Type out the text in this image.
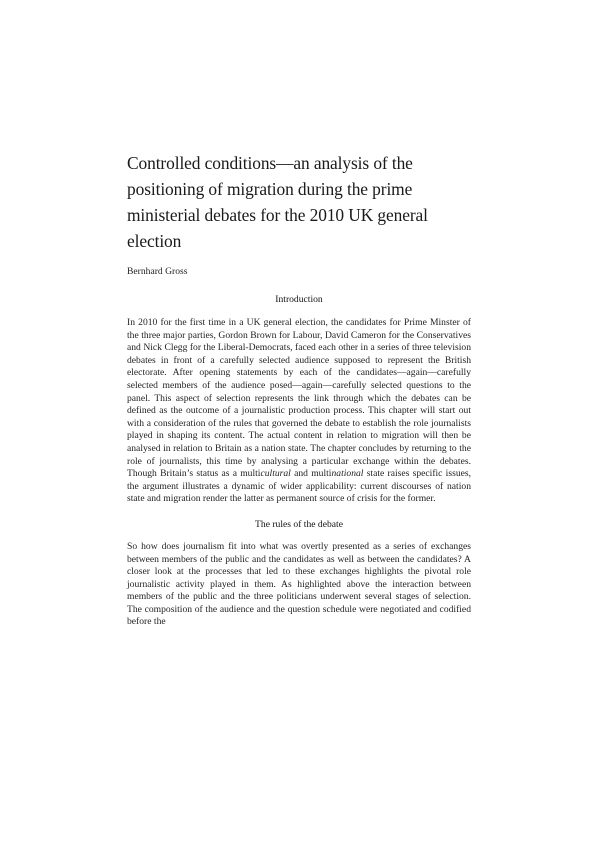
Controlled conditions—an analysis of the positioning of migration during the prime ministerial debates for the 2010 UK general election
Bernhard Gross
Introduction

In 2010 for the first time in a UK general election, the candidates for Prime Minster of the three major parties, Gordon Brown for Labour, David Cameron for the Conservatives and Nick Clegg for the Liberal-Democrats, faced each other in a series of three television debates in front of a carefully selected audience supposed to represent the British electorate. After opening statements by each of the candidates—again—carefully selected members of the audience posed—again—carefully selected questions to the panel. This aspect of selection represents the link through which the debates can be defined as the outcome of a journalistic production process. This chapter will start out with a consideration of the rules that governed the debate to establish the role journalists played in shaping its content. The actual content in relation to migration will then be analysed in relation to Britain as a nation state. The chapter concludes by returning to the role of journalists, this time by analysing a particular exchange within the debates. Though Britain’s status as a multicultural and multinational state raises specific issues, the argument illustrates a dynamic of wider applicability: current discourses of nation state and migration render the latter as permanent source of crisis for the former.

The rules of the debate

So how does journalism fit into what was overtly presented as a series of exchanges between members of the public and the candidates as well as between the candidates? A closer look at the processes that led to these exchanges highlights the pivotal role journalistic activity played in them. As highlighted above the interaction between members of the public and the three politicians underwent several stages of selection. The composition of the audience and the question schedule were negotiated and codified before the
